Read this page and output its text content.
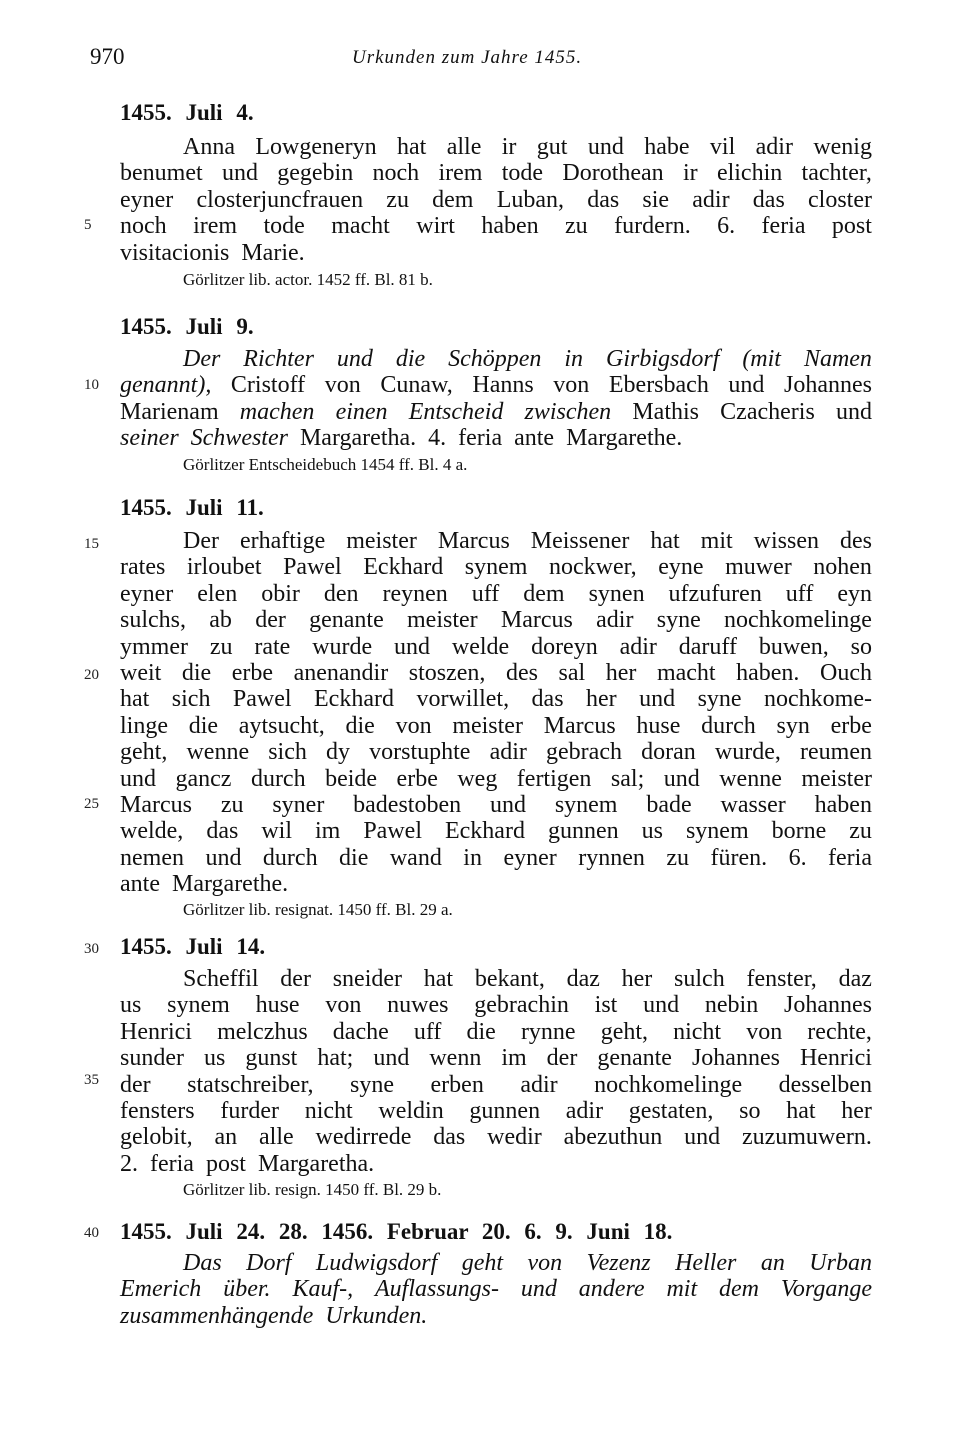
970	Urkunden zum Jahre 1455.
1455. Juli 4.
Anna Lowgeneryn hat alle ir gut und habe vil adir wenig
benumet und gegebin noch irem tode Dorothean ir elichin tachter,
eyner closterjuncfrauen zu dem Luban, das sie adir das closter
noch irem tode macht wirt haben zu furdern. 6. feria post
visitacionis Marie.
Görlitzer lib. actor. 1452 ff. Bl. 81 b.
1455. Juli 9.
Der Richter und die Schöppen in Girbigsdorf (mit Namen
genannt), Cristoff von Cunaw, Hanns von Ebersbach und Johannes
Marienam machen einen Entscheid zwischen Mathis Czacheris und
seiner Schwester Margaretha. 4. feria ante Margarethe.
Görlitzer Entscheidebuch 1454 ff. Bl. 4 a.
1455. Juli 11.
Der erhaftige meister Marcus Meissener hat mit wissen des
rates irloubet Pawel Eckhard synem nockwer, eyne muwer nohen
eyner elen obir den reynen uff dem synen ufzufuren uff eyn
sulchs, ab der genante meister Marcus adir syne nochkomelinge
ymmer zu rate wurde und welde doreyn adir daruff buwen, so
weit die erbe anenandir stoszen, des sal her macht haben. Ouch
hat sich Pawel Eckhard vorwillet, das her und syne nochkome-
linge die aytsucht, die von meister Marcus huse durch syn erbe
geht, wenne sich dy vorstuphte adir gebrach doran wurde, reumen
und gancz durch beide erbe weg fertigen sal; und wenne meister
Marcus zu syner badestoben und synem bade wasser haben
welde, das wil im Pawel Eckhard gunnen us synem borne zu
nemen und durch die wand in eyner rynnen zu füren. 6. feria
ante Margarethe.
Görlitzer lib. resignat. 1450 ff. Bl. 29 a.
1455. Juli 14.
Scheffil der sneider hat bekant, daz her sulch fenster, daz
us synem huse von nuwes gebrachin ist und nebin Johannes
Henrici melczhus dache uff die rynne geht, nicht von rechte,
sunder us gunst hat; und wenn im der genante Johannes Henrici
der statschreiber, syne erben adir nochkomelinge desselben
fensters furder nicht weldin gunnen adir gestaten, so hat her
gelobit, an alle wedirrede das wedir abezuthun und zuzumuwern.
2. feria post Margaretha.
Görlitzer lib. resign. 1450 ff. Bl. 29 b.
1455. Juli 24. 28. 1456. Februar 20. 6. 9. Juni 18.
Das Dorf Ludwigsdorf geht von Vezenz Heller an Urban
Emerich über. Kauf-, Auflassungs- und andere mit dem Vorgange
zusammenhängende Urkunden.
5
10
15
20
25
30
35
40
